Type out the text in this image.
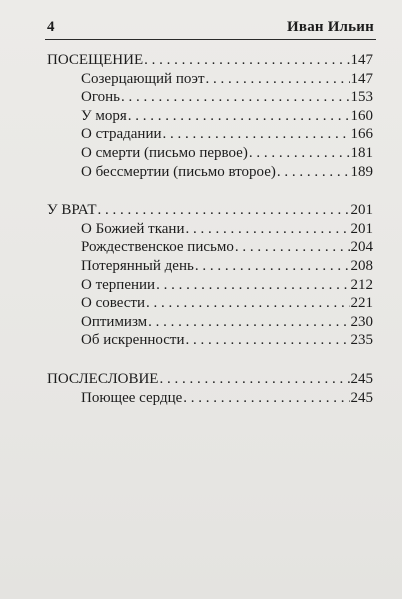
4	Иван Ильин
ПОСЕЩЕНИЕ . . .	147
Созерцающий поэт . . .	147
Огонь . . .	153
У моря . . .	160
О страдании . . .	166
О смерти (письмо первое) . . .	181
О бессмертии (письмо второе) . . .	189
У ВРАТ . . .	201
О Божией ткани . . .	201
Рождественское письмо . . .	204
Потерянный день . . .	208
О терпении . . .	212
О совести . . .	221
Оптимизм . . .	230
Об искренности . . .	235
ПОСЛЕСЛОВИЕ . . .	245
Поющее сердце . . .	245
